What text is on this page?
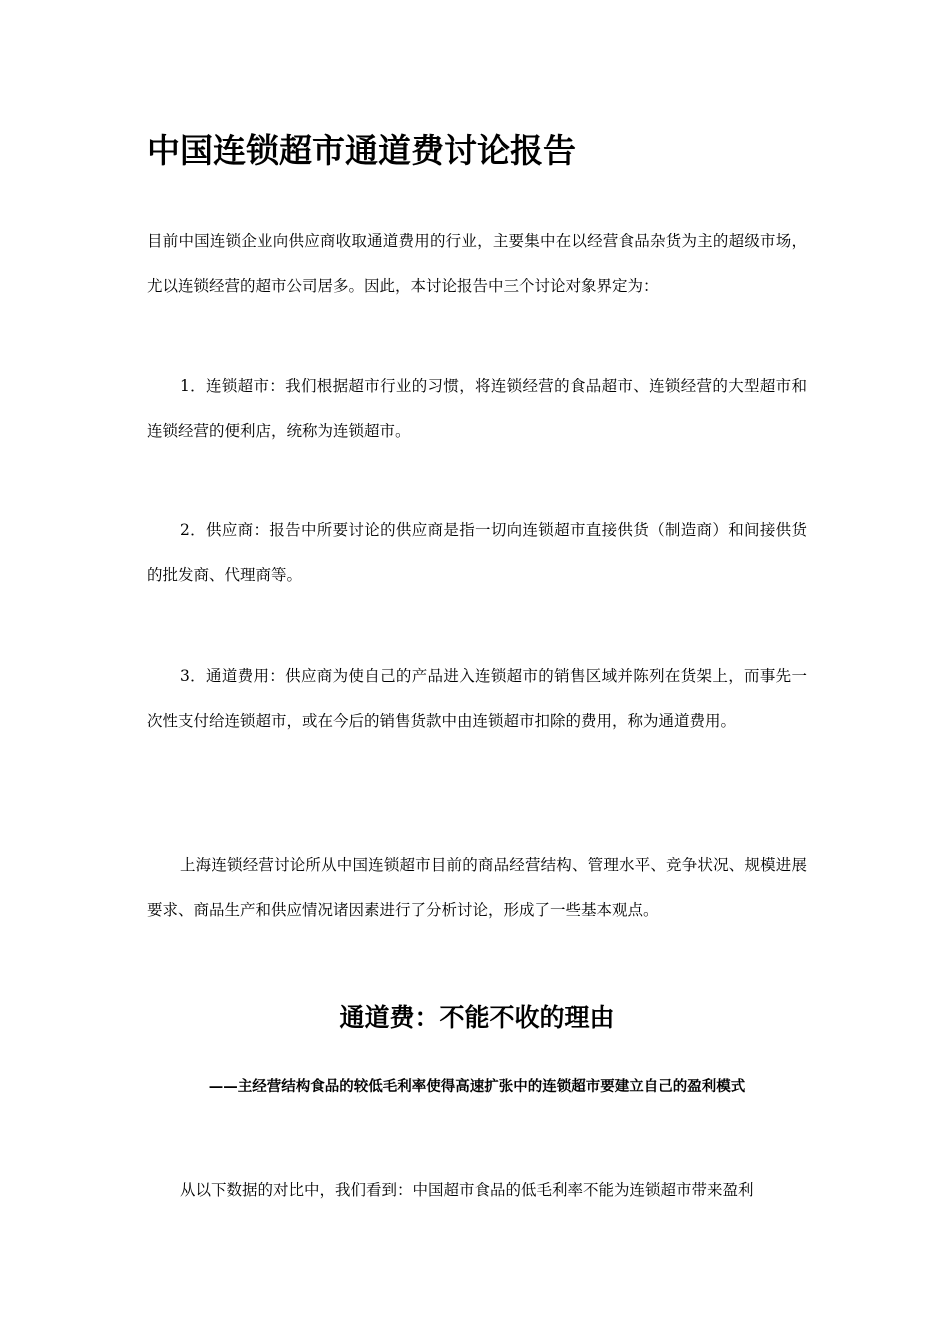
中国连锁超市通道费讨论报告

目前中国连锁企业向供应商收取通道费用的行业，主要集中在以经营食品杂货为主的超级市场，尤以连锁经营的超市公司居多。因此，本讨论报告中三个讨论对象界定为：

1．连锁超市：我们根据超市行业的习惯，将连锁经营的食品超市、连锁经营的大型超市和连锁经营的便利店，统称为连锁超市。

2．供应商：报告中所要讨论的供应商是指一切向连锁超市直接供货（制造商）和间接供货的批发商、代理商等。

3．通道费用：供应商为使自己的产品进入连锁超市的销售区域并陈列在货架上，而事先一次性支付给连锁超市，或在今后的销售货款中由连锁超市扣除的费用，称为通道费用。

上海连锁经营讨论所从中国连锁超市目前的商品经营结构、管理水平、竞争状况、规模进展要求、商品生产和供应情况诸因素进行了分析讨论，形成了一些基本观点。

通道费：不能不收的理由
——主经营结构食品的较低毛利率使得高速扩张中的连锁超市要建立自己的盈利模式

从以下数据的对比中，我们看到：中国超市食品的低毛利率不能为连锁超市带来盈利
